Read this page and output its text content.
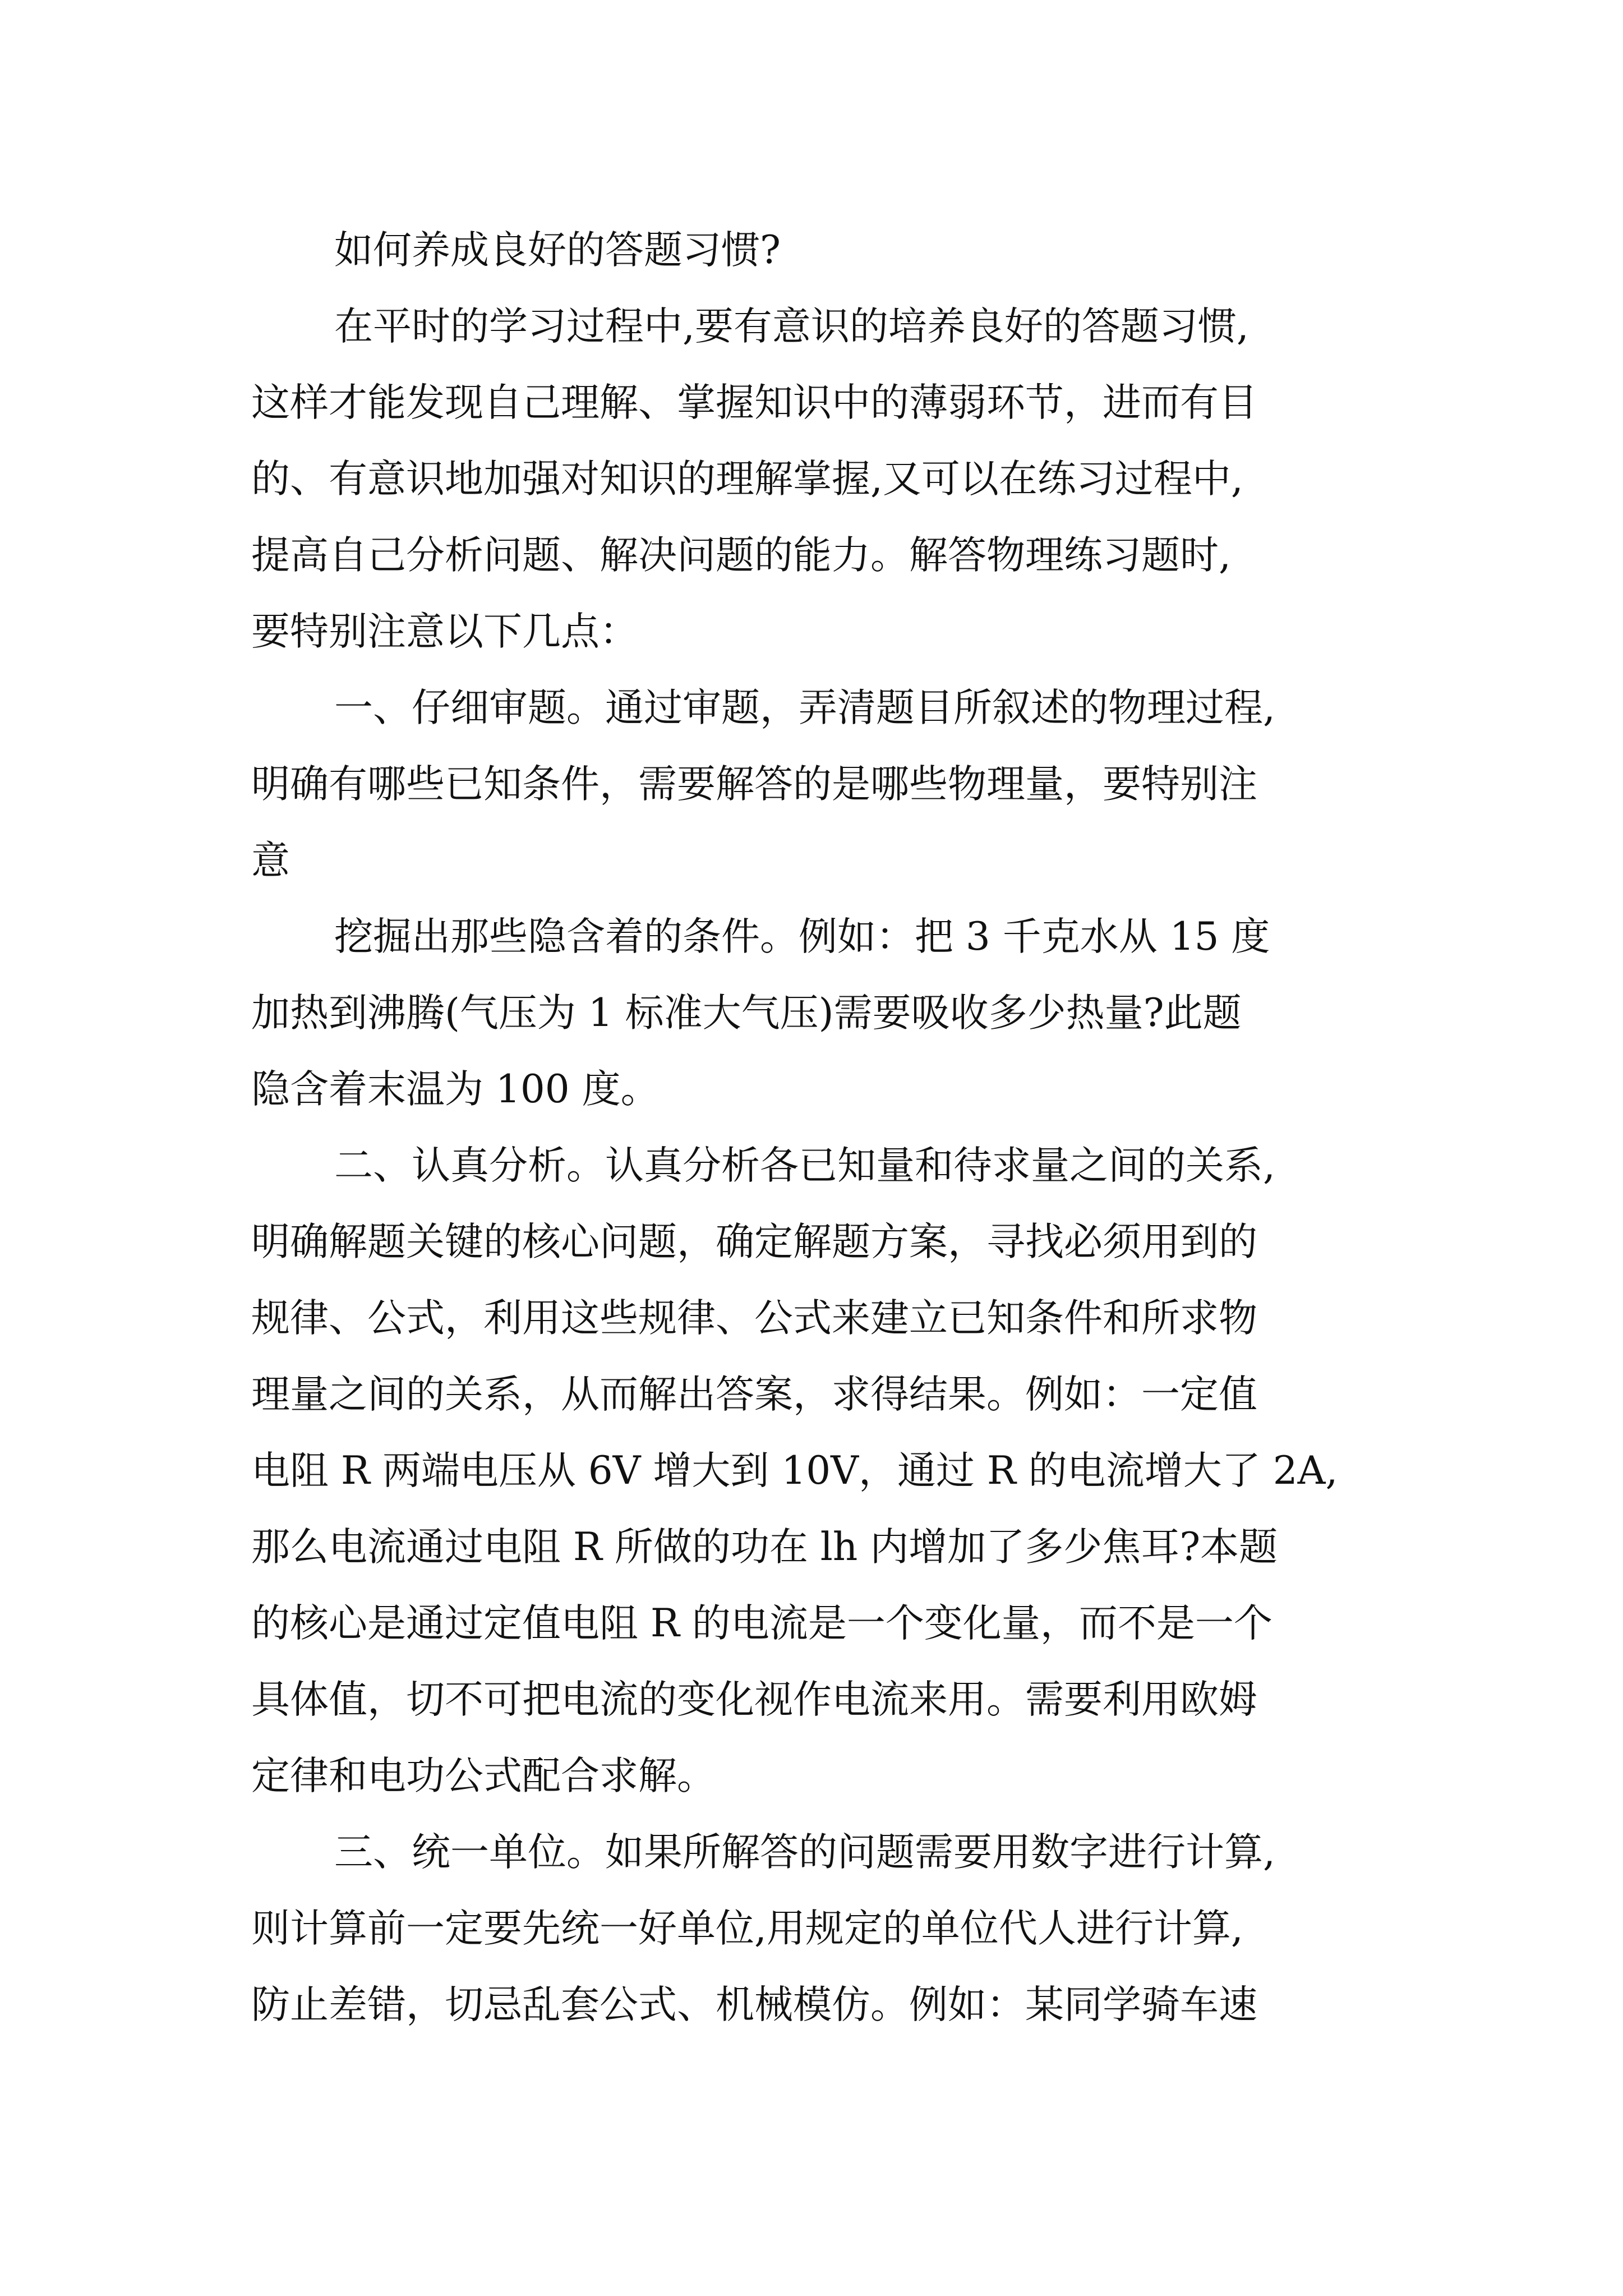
如何养成良好的答题习惯?
在平时的学习过程中,要有意识的培养良好的答题习惯,
这样才能发现自己理解、掌握知识中的薄弱环节，进而有目
的、有意识地加强对知识的理解掌握,又可以在练习过程中,
提高自己分析问题、解决问题的能力。解答物理练习题时,
要特别注意以下几点：
一、仔细审题。通过审题，弄清题目所叙述的物理过程,
明确有哪些已知条件，需要解答的是哪些物理量，要特别注
意
挖掘出那些隐含着的条件。例如：把 3 千克水从 15 度
加热到沸腾(气压为 1 标准大气压)需要吸收多少热量?此题
隐含着末温为 100 度。
二、认真分析。认真分析各已知量和待求量之间的关系,
明确解题关键的核心问题，确定解题方案，寻找必须用到的
规律、公式，利用这些规律、公式来建立已知条件和所求物
理量之间的关系，从而解出答案，求得结果。例如：一定值
电阻 R 两端电压从 6V 增大到 10V，通过 R 的电流增大了 2A,
那么电流通过电阻 R 所做的功在 lh 内增加了多少焦耳?本题
的核心是通过定值电阻 R 的电流是一个变化量，而不是一个
具体值，切不可把电流的变化视作电流来用。需要利用欧姆
定律和电功公式配合求解。
三、统一单位。如果所解答的问题需要用数字进行计算,
则计算前一定要先统一好单位,用规定的单位代人进行计算,
防止差错，切忌乱套公式、机械模仿。例如：某同学骑车速
